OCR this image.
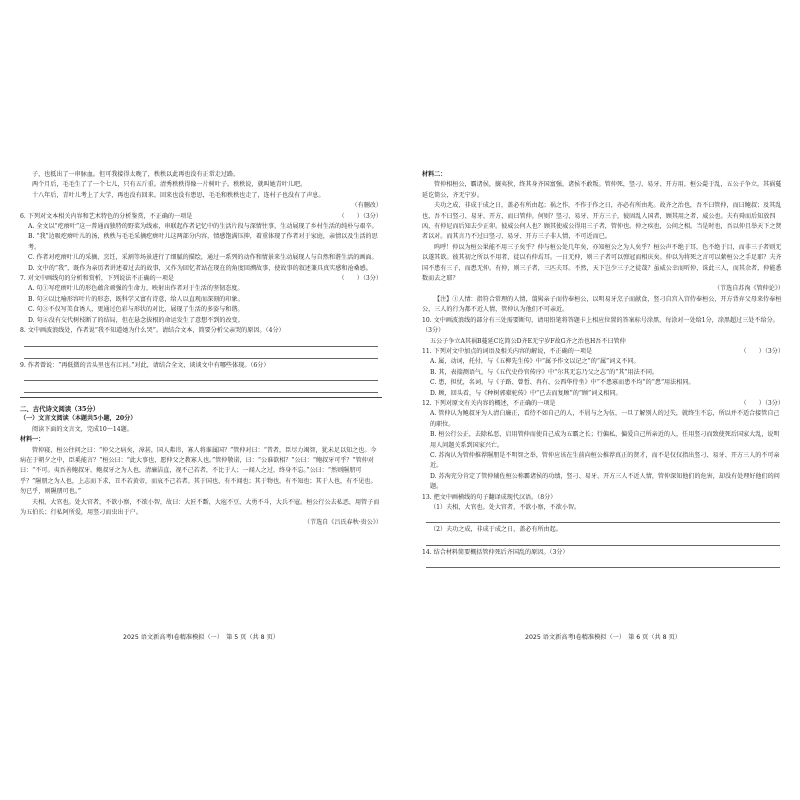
子，也抵出了一串脉血。但可我接得太晚了，秩秩以此再也没有正常走过路。
两个月后，毛毛生了了一个七儿，只有五斤重。清秀秩秩得像一片树叶子。秩秩说，就叫她青叶儿吧。
十八年后，青叶儿考上了大学，再也没有回来。回来也没有患思，毛毛和秩秩也走了，连村子也没有了声息。
（有删改）
6. 下列对文本相关内容和艺术特色的分析鉴赏，不正确的一项是	（　　）（3分）
A. 全文以“疙瘩叶”这一普通而独特的野菜为线索，串联起作者记忆中的生活片段与深情往事，生动展现了乡村生活的纯朴与艰辛。
B. “我”边吸疙瘩叶儿的汤，秩秩与毛毛采摘疙瘩叶儿这两部分内容，情感饱满压抑，着重体现了作者对于家庭，亲情以及生活的思考。
C. 作者对疙瘩叶儿的采摘、烹饪，采割等场景进行了细腻的描绘，通过一系列的动作和情景来生动展现人与自然和谐生活的画面。
D. 文中的“我”，既作为亲历者讲述着过去的故事，又作为回忆者站在现在的角度回溯故事，使故事的叙述兼具真实感和沧桑感。
7. 对文中画线句的分析和赏析，下列说法不正确的一项是	（　　）（3分）
A. 句①写疙瘩叶儿的形色蕴含顽强的生命力，映射出作者对于生活的坚韧态度。
B. 句②以比喻形容叶片的形态，既科学又富有诗意，给人以直观而深刻的印象。
C. 句③不仅写美食诱人，更通过色彩与形状的对比，展现了生活的多姿与和谐。
D. 句④没有交代树枝断了的结局，但在悬念拔根的命运发生了意想不到的改变。
8. 文中画波浪线处，作者说“我不知道她为什么哭”。请结合文本，简要分析父亲哭的原因。（4分）
9. 作者曾说：“再低微的音头里也有江河。”对此，请结合全文，谈谈文中有哪些体现。（6分）
二、古代诗文阅读（35分）
（一）文言文阅读（本题共5小题，20分）
阅读下面的文言文，完成10～14题。
材料一：
管仲寝，桓公往问之曰：“仲父之病矣，漳甚，国人弗讳，寡人将谁属国？”管仲对曰：“昔者，臣尽力竭智，犹未足以知之也。今病在于朝夕之中，臣奚能言？”桓公曰：“此大事也，愿仲父之教寡人也。”管仲敬诺，曰：“公谁欲相？”公曰：“鲍叔牙可乎？”管仲对曰：“不可。夷吾善鲍叔牙。鲍叔牙之为人也，清廉洁直，视不己若者，不比于人；一闻人之过，终身不忘。”公曰：“然则隰朋可乎？”隰朋之为人也，上志而下求，丑不若黄帝，而哀不己若者。其于国也，有不闻也；其于物也，有不知也；其于人也，有不见也。勿已乎，则隰朋可也。”
夫相，大官也。处大官者，不欲小察，不欲小智，故曰：大匠不斲，大庖不豆，大勇不斗，大兵不寇。桓公行公去私恶，用管子而为五伯长；行私阿所爱，用竖刁而虫出于户。
（节选自《吕氏春秋·贵公》）
2025 语文新高考Ⅰ卷精准模拟（一）　第 5 页（共 8 页）
材料二：
管仲相桓公，霸诸侯，攘夷狄，终其身齐国富强，诸侯不敢叛。管仲死，竖刁、易牙、开方用，桓公薨于乱，五公子争立，其祸蔓延讫简公，齐无宁岁。
夫功之成，非成于成之日，盖必有所由起；祸之作，不作于作之日，亦必有所由兆。故齐之治也，吾不曰管仲，而曰鲍叔；及其乱也，吾不曰竖刁、易牙、开方，而曰管仲。何则？竖刁、易牙、开方三子，彼固乱人国者，顾其用之者，威公也。夫有舜而后知放四凶，有仲尼而后知去少正卯。彼威公何人也？顾其使威公得用三子者，管仲也。仲之疾也，公问之相。当是时也，吾以仲且举天下之贤者以对。而其言乃不过曰竖刁、易牙、开方三子非人情，不可近而已。
呜呼！仲以为桓公果能不用三子矣乎？仲与桓公处几年矣，亦知桓公之为人矣乎？桓公声不绝于耳，色不绝于目，而非三子者则无以遂其欲。彼其初之所以不用者，徒以有仲焉耳。一日无仲，则三子者可以弹冠而相庆矣。仲以为将死之言可以絷桓公之手足耶？夫齐国不患有三子，而患无仲。有仲，则三子者，三匹夫耳。不然，天下岂少三子之徒哉？虽威公幸而听仲，诛此三人，而其余者，仲能悉数而去之耶？
（节选自苏洵《管仲论》）
【注】①人情：指符合常理的人情，翦髯亲子而侍奉桓公，以明易牙烹子而献食，竖刁自宫入宫侍奉桓公，开方背弃父母来侍奉桓公，三人的行为都不近人情，管仲认为他们不可亲近。
10. 文中画波浪线的部分有三处需要断句，请用铅笔将答题卡上相应位置的答案标号涂黑，每涂对一处给1分，涂黑超过三处不给分。（3分）
五公子争立A其祸B蔓延C讫简公D齐E无宁岁F故G齐之治也H吾不曰管仲
11. 下列对文中加点的词语及相关内容的解说，不正确的一项是	（　　）（3分）
A. 属，动词，托付，与《五柳先生传》中“属予作文以记之”的“属”词义不同。
B. 其，表揣测语气，与《五代史伶官传序》中“尔其无忘乃父之志”的“其”用法不同。
C. 患，担忧，名词，与《子路、曾皙、冉有、公西华侍坐》中“不患寡而患不均”的“患”用法相同。
D. 顾，回头看，与《种树郭橐驼传》中“已去而复顾”的“顾”词义相同。
12. 下列对原文有关内容的概述，不正确的一项是	（　　）（3分）
A. 管仲认为鲍叔牙为人清白廉正，看待不如自己的人，不屑与之为伍，一旦了解别人的过失，就终生不忘，所以并不适合接管自己的职位。
B. 桓公行公正，去除私恶，启用管仲而使自己成为五霸之长；行偏私，偏爱自己所亲近的人，任用竖刁而致使死后国家大乱，说明用人问题关系到国家兴亡。
C. 苏洵认为管仲推荐隰朋是不明智之举，管仲应该在生前向桓公推荐真正的贤才，而不是仅仅指出竖刁、易牙、开方三人的不可亲近。
D. 苏洵充分肯定了管仲辅佐桓公称霸诸侯的功绩，竖刁、易牙、开方三人不近人情，管仲深知他们的危害，却没有处理好他们的问题。
13. 把文中画横线的句子翻译成现代汉语。（8分）
（1）夫相，大官也。处大官者，不欲小察，不欲小智。
（2）夫功之成，非成于成之日，盖必有所由起。
14. 结合材料简要概括管仲死后齐国乱的原因。（3分）
2025 语文新高考Ⅰ卷精准模拟（一）　第 6 页（共 8 页）
